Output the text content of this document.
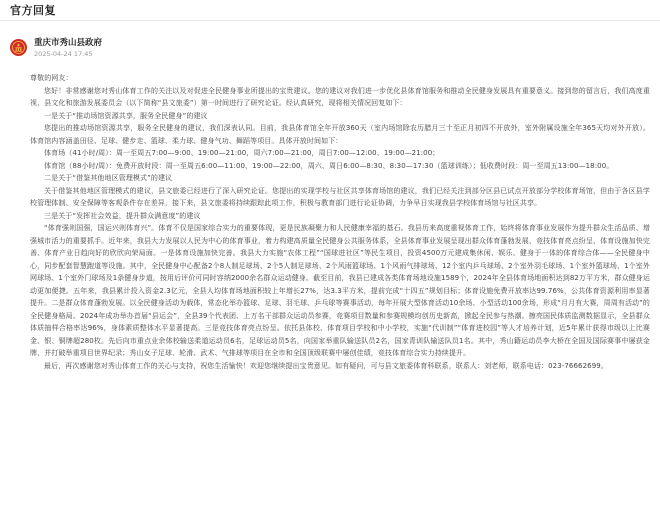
官方回复
重庆市秀山县政府
2025-04-24 17:45

尊敬的网友：

您好！非常感谢您对秀山体育工作的关注以及对促进全民健身事业所提出的宝贵建议。您的建议对我们进一步优化县体育馆服务和推动全民健身发展具有重要意义。接到您的留言后，我们高度重视，县文化和旅游发展委员会（以下简称“县文旅委”）第一时间进行了研究论证。经认真研究，现将相关情况回复如下：

一是关于“推动场馆资源共享，服务全民健身”的建议

您提出的推动场馆资源共享，服务全民健身的建议，我们深表认同。目前，我县体育馆全年开放360天（室内场馆除农历腊月三十至正月初四不开放外，室外附属设施全年365天均对外开放）。体育馆内容涵盖田径、足球、健步走、篮球、柔力球、健身气功、舞蹈等项目。具体开放时间如下：

体育场（41小时/周）：周一至周五7:00—9:00、19:00—21:00，周六7:00—21:00，周日7:00—12:00、19:00—21:00；

体育馆（88小时/周）：免费开放时段：周一至周五6:00—11:00、19:00—22:00，周六、周日6:00—8:30、8:30—17:30（篮球训练）；低收费时段：周一至周五13:00—18:00。

二是关于“借鉴其他地区管理模式”的建议

关于借鉴其他地区管理模式的建议，县文旅委已经进行了深入研究论证。您提出的实现学校与社区共享体育场馆的建议，我们已经关注到部分区县已试点开放部分学校体育场馆，但由于各区县学校管理体制、安全保障等客观条件存在差异，接下来，县文旅委将持续跟踪此项工作，积极与教育部门进行论证协调，力争早日实现我县学校体育场馆与社区共享。

三是关于“发挥社会效益，提升群众满意度”的建议

“体育强则国强，国运兴则体育兴”。体育不仅是国家综合实力的重要体现，更是民族凝聚力和人民健康幸福的基石。我县历来高度重视体育工作，始终将体育事业发展作为提升群众生活品质、增强城市活力的重要抓手。近年来，我县大力发展以人民为中心的体育事业，着力构建高质量全民健身公共服务体系，全县体育事业发展呈现出群众体育蓬勃发展、竞技体育亮点纷呈、体育设施加快完善、体育产业日趋向好的欣欣向荣局面。一是体育设施加快完善。我县大力实施“农体工程”“国球进社区”等民生项目，投资4500万元建成集休闲、娱乐、健身于一体的体育综合体——全民健身中心，同步配套智慧跑道等设施。其中，全民健身中心配备2个8人制足球场、2个5人制足球场、2个风雨篮球场、1个风雨气排球场、12个室内乒乓球场、2个室外羽毛球场、1个室外篮球场、1个室外网球场、1个室外门球场及1条健身步道，按用后评价可同时容纳2000余名群众运动健身。截至目前，我县已建成各类体育场地设施1589个，2024年全县体育场地面积达到82万平方米，群众健身运动更加便捷。五年来，我县累计投入资金2.3亿元，全县人均体育场地面积较上年增长27%，达3.3平方米，提前完成“十四五”规划目标；体育设施免费开放率达99.76%，公共体育资源利用率显著提升。二是群众体育蓬勃发展。以全民健身活动为载体，常态化举办篮球、足球、羽毛球、乒乓球等赛事活动，每年开展大型体育活动10余场、小型活动100余场，形成“月月有大赛，周周有活动”的全民健身格局。2024年成功举办首届“县运会”，全县39个代表团、上万名干部群众运动员参赛，竞赛项目数量和参赛规模均创历史新高，掀起全民参与热潮。擦亮国民体质监测数据显示，全县群众体质抽样合格率达96%，身体素质整体水平显著提高。三是竞技体育亮点纷呈。依托县体校、体育项目学校和中小学校，实施“代训制”“体育进校园”等人才培养计划，近5年累计获得市级以上比赛金、银、铜牌超280枚。先后向市重点业余体校输送柔道运动员6名，足球运动员5名，向国家举重队输送队员2名，国家青训队输送队员1名。其中，秀山籍运动员李大桥在全国及国际赛事中屡获金牌，并打破举重项目世界纪录；秀山女子足球、轮滑、武术、气排球等项目在全市和全国顶级联赛中屡创佳绩，竞技体育综合实力持续提升。

最后，再次感谢您对秀山体育工作的关心与支持，祝您生活愉快！欢迎您继续提出宝贵意见。如有疑问，可与县文旅委体育科联系，联系人：刘老师，联系电话：023-76662699。
